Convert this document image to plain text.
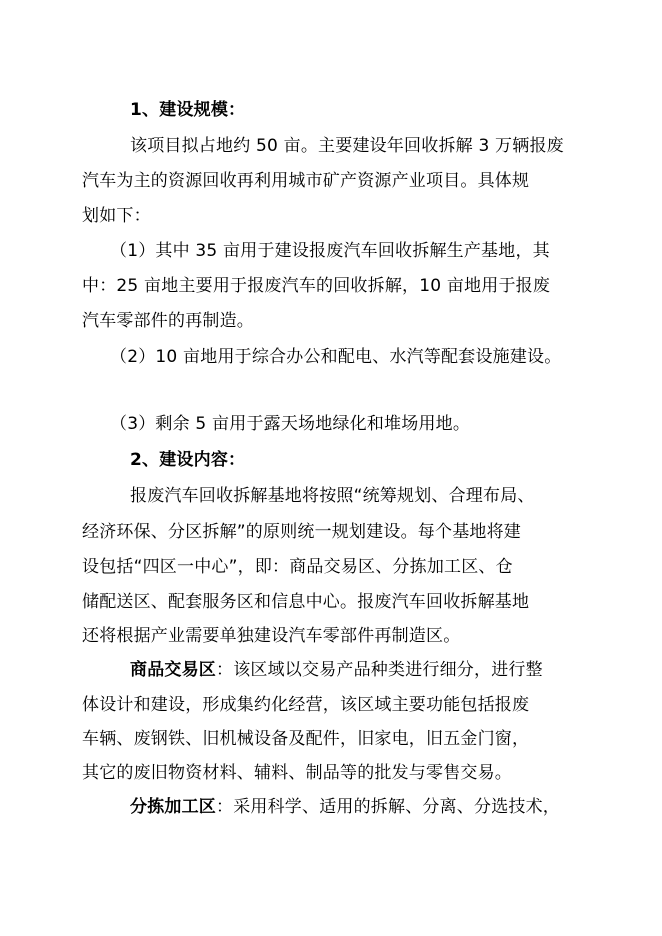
1、建设规模：
该项目拟占地约 50 亩。主要建设年回收拆解 3 万辆报废
汽车为主的资源回收再利用城市矿产资源产业项目。具体规
划如下：
（1）其中 35 亩用于建设报废汽车回收拆解生产基地，其
中：25 亩地主要用于报废汽车的回收拆解，10 亩地用于报废
汽车零部件的再制造。
（2）10 亩地用于综合办公和配电、水汽等配套设施建设。
（3）剩余 5 亩用于露天场地绿化和堆场用地。
2、建设内容：
报废汽车回收拆解基地将按照“统筹规划、合理布局、
经济环保、分区拆解”的原则统一规划建设。每个基地将建
设包括“四区一中心”，即：商品交易区、分拣加工区、仓
储配送区、配套服务区和信息中心。报废汽车回收拆解基地
还将根据产业需要单独建设汽车零部件再制造区。
商品交易区：该区域以交易产品种类进行细分，进行整
体设计和建设，形成集约化经营，该区域主要功能包括报废
车辆、废钢铁、旧机械设备及配件，旧家电，旧五金门窗，
其它的废旧物资材料、辅料、制品等的批发与零售交易。
分拣加工区：采用科学、适用的拆解、分离、分选技术，
